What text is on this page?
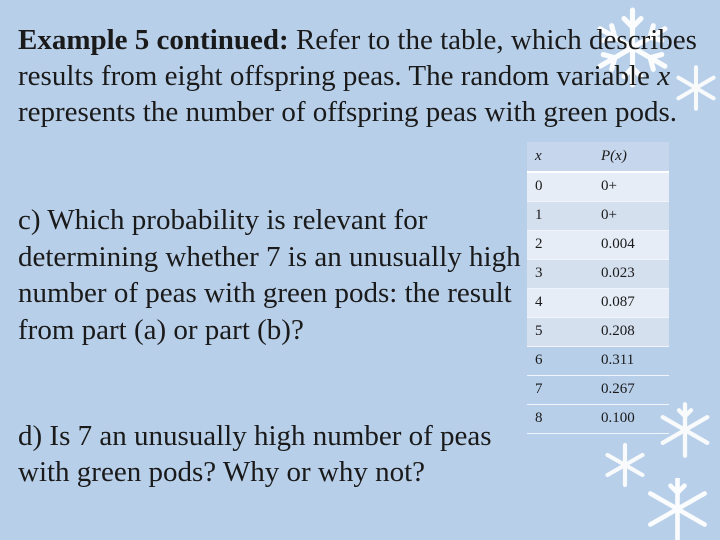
Example 5 continued: Refer to the table, which describes results from eight offspring peas. The random variable x represents the number of offspring peas with green pods.

x	P(x)
0	0+
1	0+
2	0.004
3	0.023
4	0.087
5	0.208
6	0.311
7	0.267
8	0.100

c) Which probability is relevant for determining whether 7 is an unusually high number of peas with green pods: the result from part (a) or part (b)?

d) Is 7 an unusually high number of peas with green pods? Why or why not?
